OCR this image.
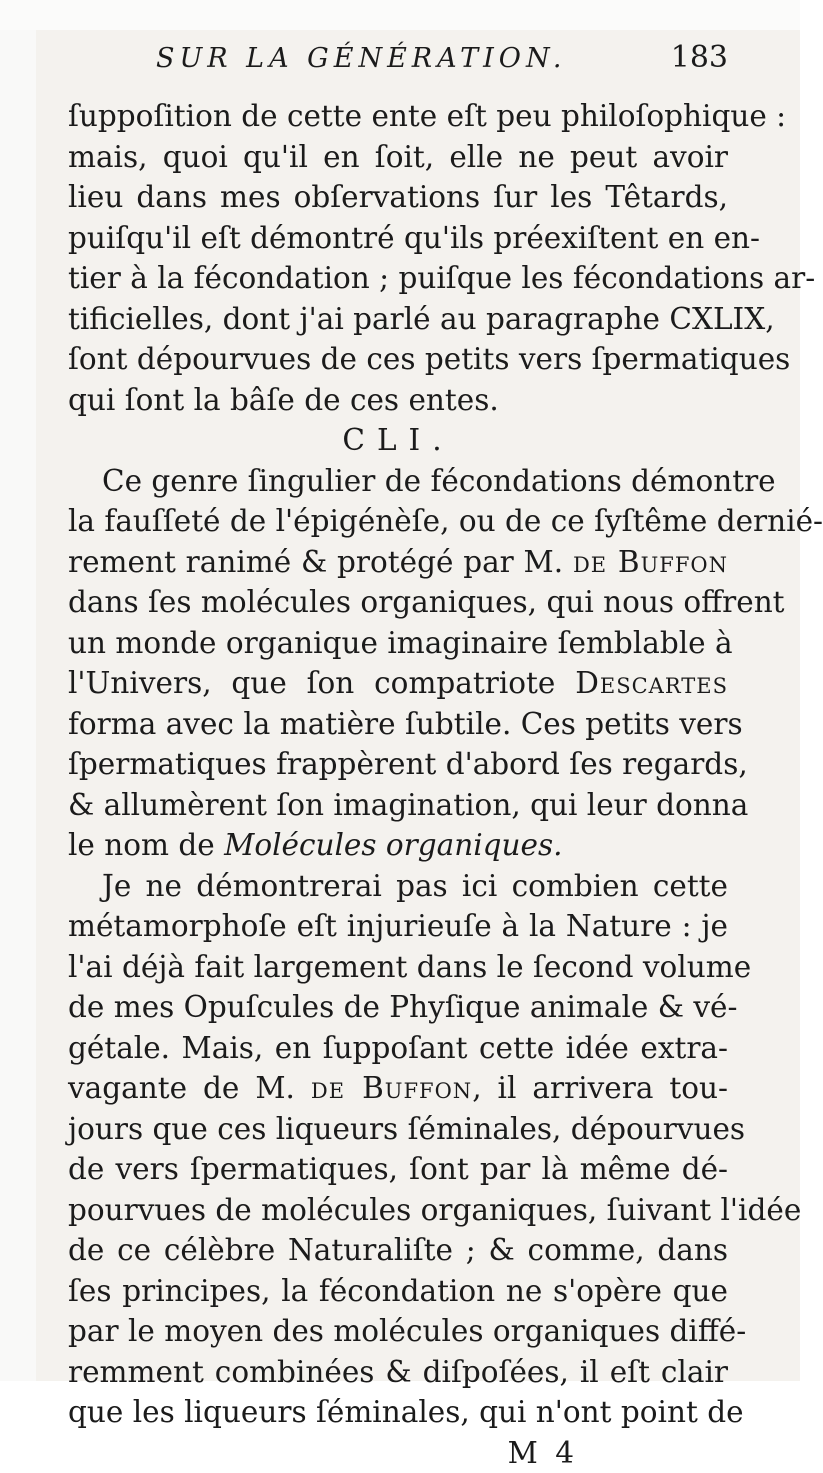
SUR LA GÉNÉRATION.	183
ſuppoſition de cette ente eſt peu philoſophique :
mais, quoi qu'il en ſoit, elle ne peut avoir
lieu dans mes obſervations ſur les Têtards,
puiſqu'il eſt démontré qu'ils préexiſtent en en-
tier à la fécondation ; puiſque les fécondations ar-
tificielles, dont j'ai parlé au paragraphe CXLIX,
ſont dépourvues de ces petits vers ſpermatiques
qui ſont la bâſe de ces entes.
CLI.
Ce genre ſingulier de fécondations démontre
la fauſſeté de l'épigénèſe, ou de ce ſyſtême dernié-
rement ranimé & protégé par M. de Buffon
dans ſes molécules organiques, qui nous offrent
un monde organique imaginaire ſemblable à
l'Univers, que ſon compatriote Descartes
forma avec la matière ſubtile. Ces petits vers
ſpermatiques frappèrent d'abord ſes regards,
& allumèrent ſon imagination, qui leur donna
le nom de Molécules organiques.
Je ne démontrerai pas ici combien cette
métamorphoſe eſt injurieuſe à la Nature : je
l'ai déjà fait largement dans le ſecond volume
de mes Opuſcules de Phyſique animale & vé-
gétale. Mais, en ſuppoſant cette idée extra-
vagante de M. de Buffon, il arrivera tou-
jours que ces liqueurs ſéminales, dépourvues
de vers ſpermatiques, ſont par là même dé-
pourvues de molécules organiques, ſuivant l'idée
de ce célèbre Naturaliſte ; & comme, dans
ſes principes, la fécondation ne s'opère que
par le moyen des molécules organiques diffé-
remment combinées & diſpoſées, il eſt clair
que les liqueurs ſéminales, qui n'ont point de
M 4
